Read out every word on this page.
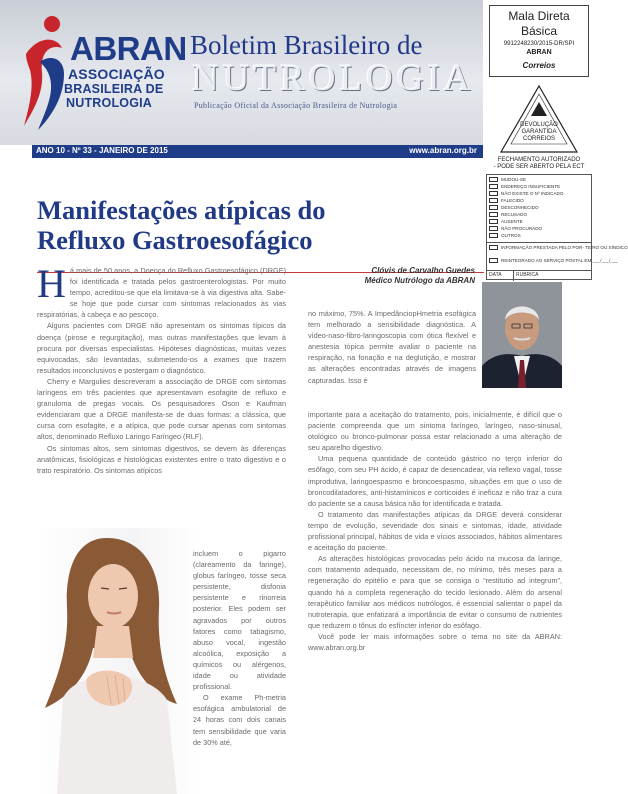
ABRAN
ASSOCIAÇÃO
BRASILEIRA DE
NUTROLOGIA
Boletim Brasileiro de
NUTROLOGIA
Publicação Oficial da Associação Brasileira de Nutrologia
ANO 10 - Nº 33 - JANEIRO DE 2015	www.abran.org.br
Mala Direta
Básica
9912248230/2015-DR/SPI
ABRAN
Correios
DEVOLUÇÃO
GARANTIDA
CORREIOS
FECHAMENTO AUTORIZADO
- PODE SER ABERTO PELA ECT
MUDOU-SE
ENDEREÇO INSUFICIENTE
NÃO EXISTE O Nº INDICADO
FALECIDO
DESCONHECIDO
RECUSADO
AUSENTE
NÃO PROCURADO
OUTROS
INFORMAÇÃO PRESTADA PELO POR- TEIRO OU SÍNDICO
REINTEGRADO AO SERVIÇO POSTAL EM ___/___/___
DATA	RUBRICA
Manifestações atípicas do
Refluxo Gastroesofágico
Clóvis de Carvalho Guedes
Médico Nutrólogo da ABRAN

Há mais de 50 anos, a Doença do Refluxo Gastroesofágico (DRGE) foi identificada e tratada pelos gastroenterologistas. Por muito tempo, acreditou-se que ela limitava-se à via digestiva alta. Sabe-se hoje que pode cursar com sintomas relacionados às vias respiratórias, à cabeça e ao pescoço.

Alguns pacientes com DRGE não apresentam os sintomas típicos da doença (pirose e regurgitação), mas outras manifestações que levam à procura por diversas especialistas. Hipóteses diagnósticas, muitas vezes equivocadas, são levantadas, submetendo-os a exames que trazem resultados inconclusivos e postergam o diagnóstico.

Cherry e Margulies descreveram a associação de DRGE com sintomas laríngeos em três pacientes que apresentavam esofagite de refluxo e granuloma de pregas vocais. Os pesquisadores Oson e Kaufman evidenciaram que a DRGE manifesta-se de duas formas: a clássica, que cursa com esofagite, e a atípica, que pode cursar apenas com sintomas altos, denominado Refluxo Laringo Faríngeo (RLF).

Os sintomas altos, sem sintomas digestivos, se devem às diferenças anatômicas, fisiológicas e histológicas existentes entre o trato digestivo e o trato respiratório. Os sintomas atípicos

incluem o pigarro (clareamento da faringe), globus faríngeo, tosse seca persistente, disfonia persistente e rinorreia posterior. Eles podem ser agravados por outros fatores como tabagismo, abuso vocal, ingestão alcoólica, exposição a químicos ou alérgenos, idade ou atividade profissional.

O exame Ph-metria esofágica ambulatorial de 24 horas com dois canais tem sensibilidade que varia de 30% até,

no máximo, 75%. A ImpedânciopHmetria esofágica tem melhorado a sensibilidade diagnóstica. A vídeo-naso-fibro-laringoscopia com ótica flexível e anestesia tópica permite avaliar o paciente na respiração, na fonação e na deglutição, e mostrar as alterações encontradas através de imagens capturadas. Isso é

importante para a aceitação do tratamento, pois, inicialmente, é difícil que o paciente compreenda que um sintoma faríngeo, laríngeo, naso-sinusal, otológico ou bronco-pulmonar possa estar relacionado a uma alteração de seu aparelho digestivo.

Uma pequena quantidade de conteúdo gástrico no terço inferior do esôfago, com seu PH ácido, é capaz de desencadear, via reflexo vagal, tosse improdutiva, laringoespasmo e broncoespasmo, situações em que o uso de broncodilatadores, anti-histamínicos e corticoides é ineficaz e não traz a cura do paciente se a causa básica não for identificada e tratada.

O tratamento das manifestações atípicas da DRGE deverá considerar tempo de evolução, severidade dos sinais e sintomas, idade, atividade profissional principal, hábitos de vida e vícios associados, hábitos alimentares e aceitação do paciente.

As alterações histológicas provocadas pelo ácido na mucosa da laringe, com tratamento adequado, necessitam de, no mínimo, três meses para a regeneração do epitélio e para que se consiga o “restitutio ad integrum”, quando há a completa regeneração do tecido lesionado. Além do arsenal terapêutico familiar aos médicos nutrólogos, é essencial salientar o papel da nutroterapia, que enfatizará a importância de evitar o consumo de nutrientes que reduzem o tônus do esfíncter inferior do esôfago.

Você pode ler mais informações sobre o tema no site da ABRAN: www.abran.org.br
